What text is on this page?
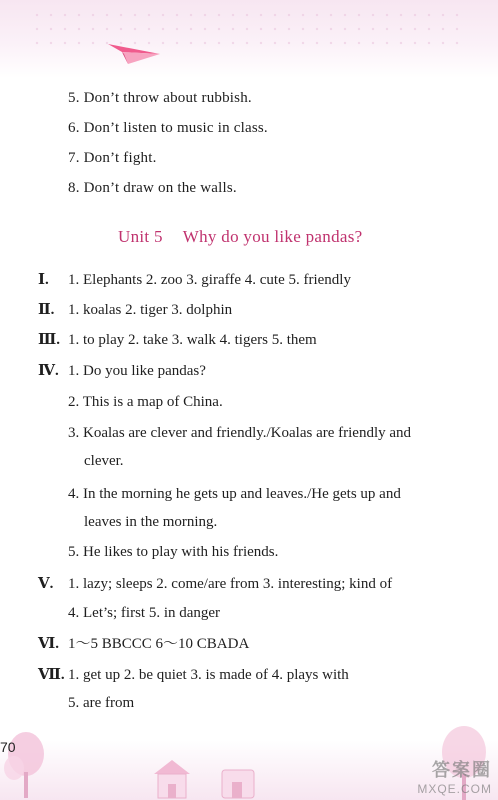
5. Don’t throw about rubbish.
6. Don’t listen to music in class.
7. Don’t fight.
8. Don’t draw on the walls.
Unit 5 Why do you like pandas?
Ⅰ. 1. Elephants 2. zoo 3. giraffe 4. cute 5. friendly
Ⅱ. 1. koalas 2. tiger 3. dolphin
Ⅲ. 1. to play 2. take 3. walk 4. tigers 5. them
Ⅳ. 1. Do you like pandas?
2. This is a map of China.
3. Koalas are clever and friendly./Koalas are friendly and
clever.
4. In the morning he gets up and leaves./He gets up and
leaves in the morning.
5. He likes to play with his friends.
Ⅴ. 1. lazy; sleeps 2. come/are from 3. interesting; kind of
4. Let’s; first 5. in danger
Ⅵ. 1～5 BBCCC 6～10 CBADA
Ⅶ. 1. get up 2. be quiet 3. is made of 4. plays with
5. are from
70
答案圈
MXQE.COM
